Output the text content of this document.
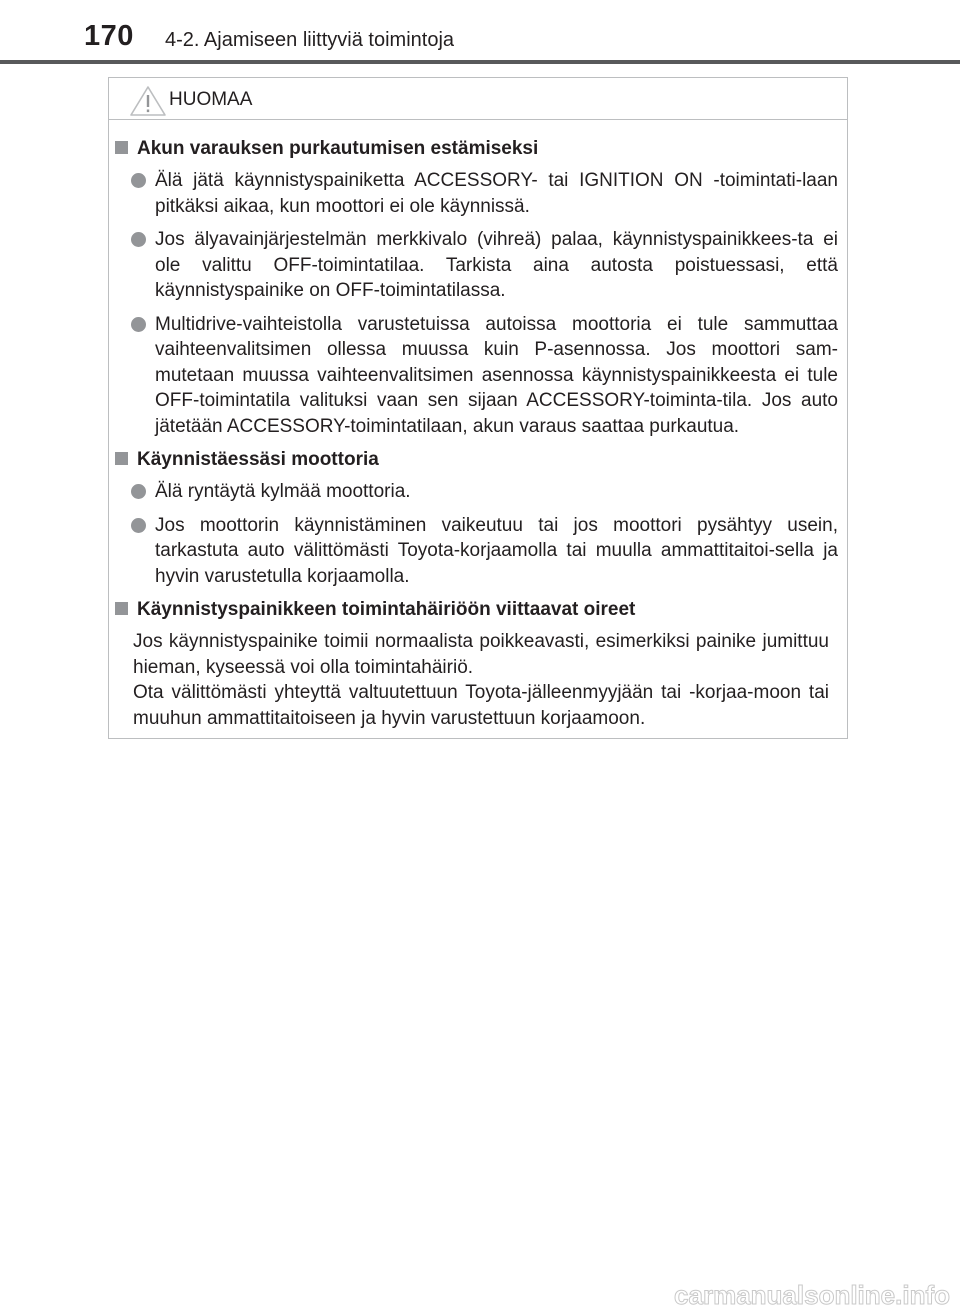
170 4-2. Ajamiseen liittyviä toimintoja
HUOMAA
Akun varauksen purkautumisen estämiseksi
Älä jätä käynnistyspainiketta ACCESSORY- tai IGNITION ON -toimintati-laan pitkäksi aikaa, kun moottori ei ole käynnissä.
Jos älyavainjärjestelmän merkkivalo (vihreä) palaa, käynnistyspainikkees-ta ei ole valittu OFF-toimintatilaa. Tarkista aina autosta poistuessasi, että käynnistyspainike on OFF-toimintatilassa.
Multidrive-vaihteistolla varustetuissa autoissa moottoria ei tule sammuttaa vaihteenvalitsimen ollessa muussa kuin P-asennossa. Jos moottori sam-mutetaan muussa vaihteenvalitsimen asennossa käynnistyspainikkeesta ei tule OFF-toimintatila valituksi vaan sen sijaan ACCESSORY-toiminta-tila. Jos auto jätetään ACCESSORY-toimintatilaan, akun varaus saattaa purkautua.
Käynnistäessäsi moottoria
Älä ryntäytä kylmää moottoria.
Jos moottorin käynnistäminen vaikeutuu tai jos moottori pysähtyy usein, tarkastuta auto välittömästi Toyota-korjaamolla tai muulla ammattitaitoi-sella ja hyvin varustetulla korjaamolla.
Käynnistyspainikkeen toimintahäiriöön viittaavat oireet
Jos käynnistyspainike toimii normaalista poikkeavasti, esimerkiksi painike jumittuu hieman, kyseessä voi olla toimintahäiriö.
Ota välittömästi yhteyttä valtuutettuun Toyota-jälleenmyyjään tai -korjaa-moon tai muuhun ammattitaitoiseen ja hyvin varustettuun korjaamoon.
carmanualsonline.info
